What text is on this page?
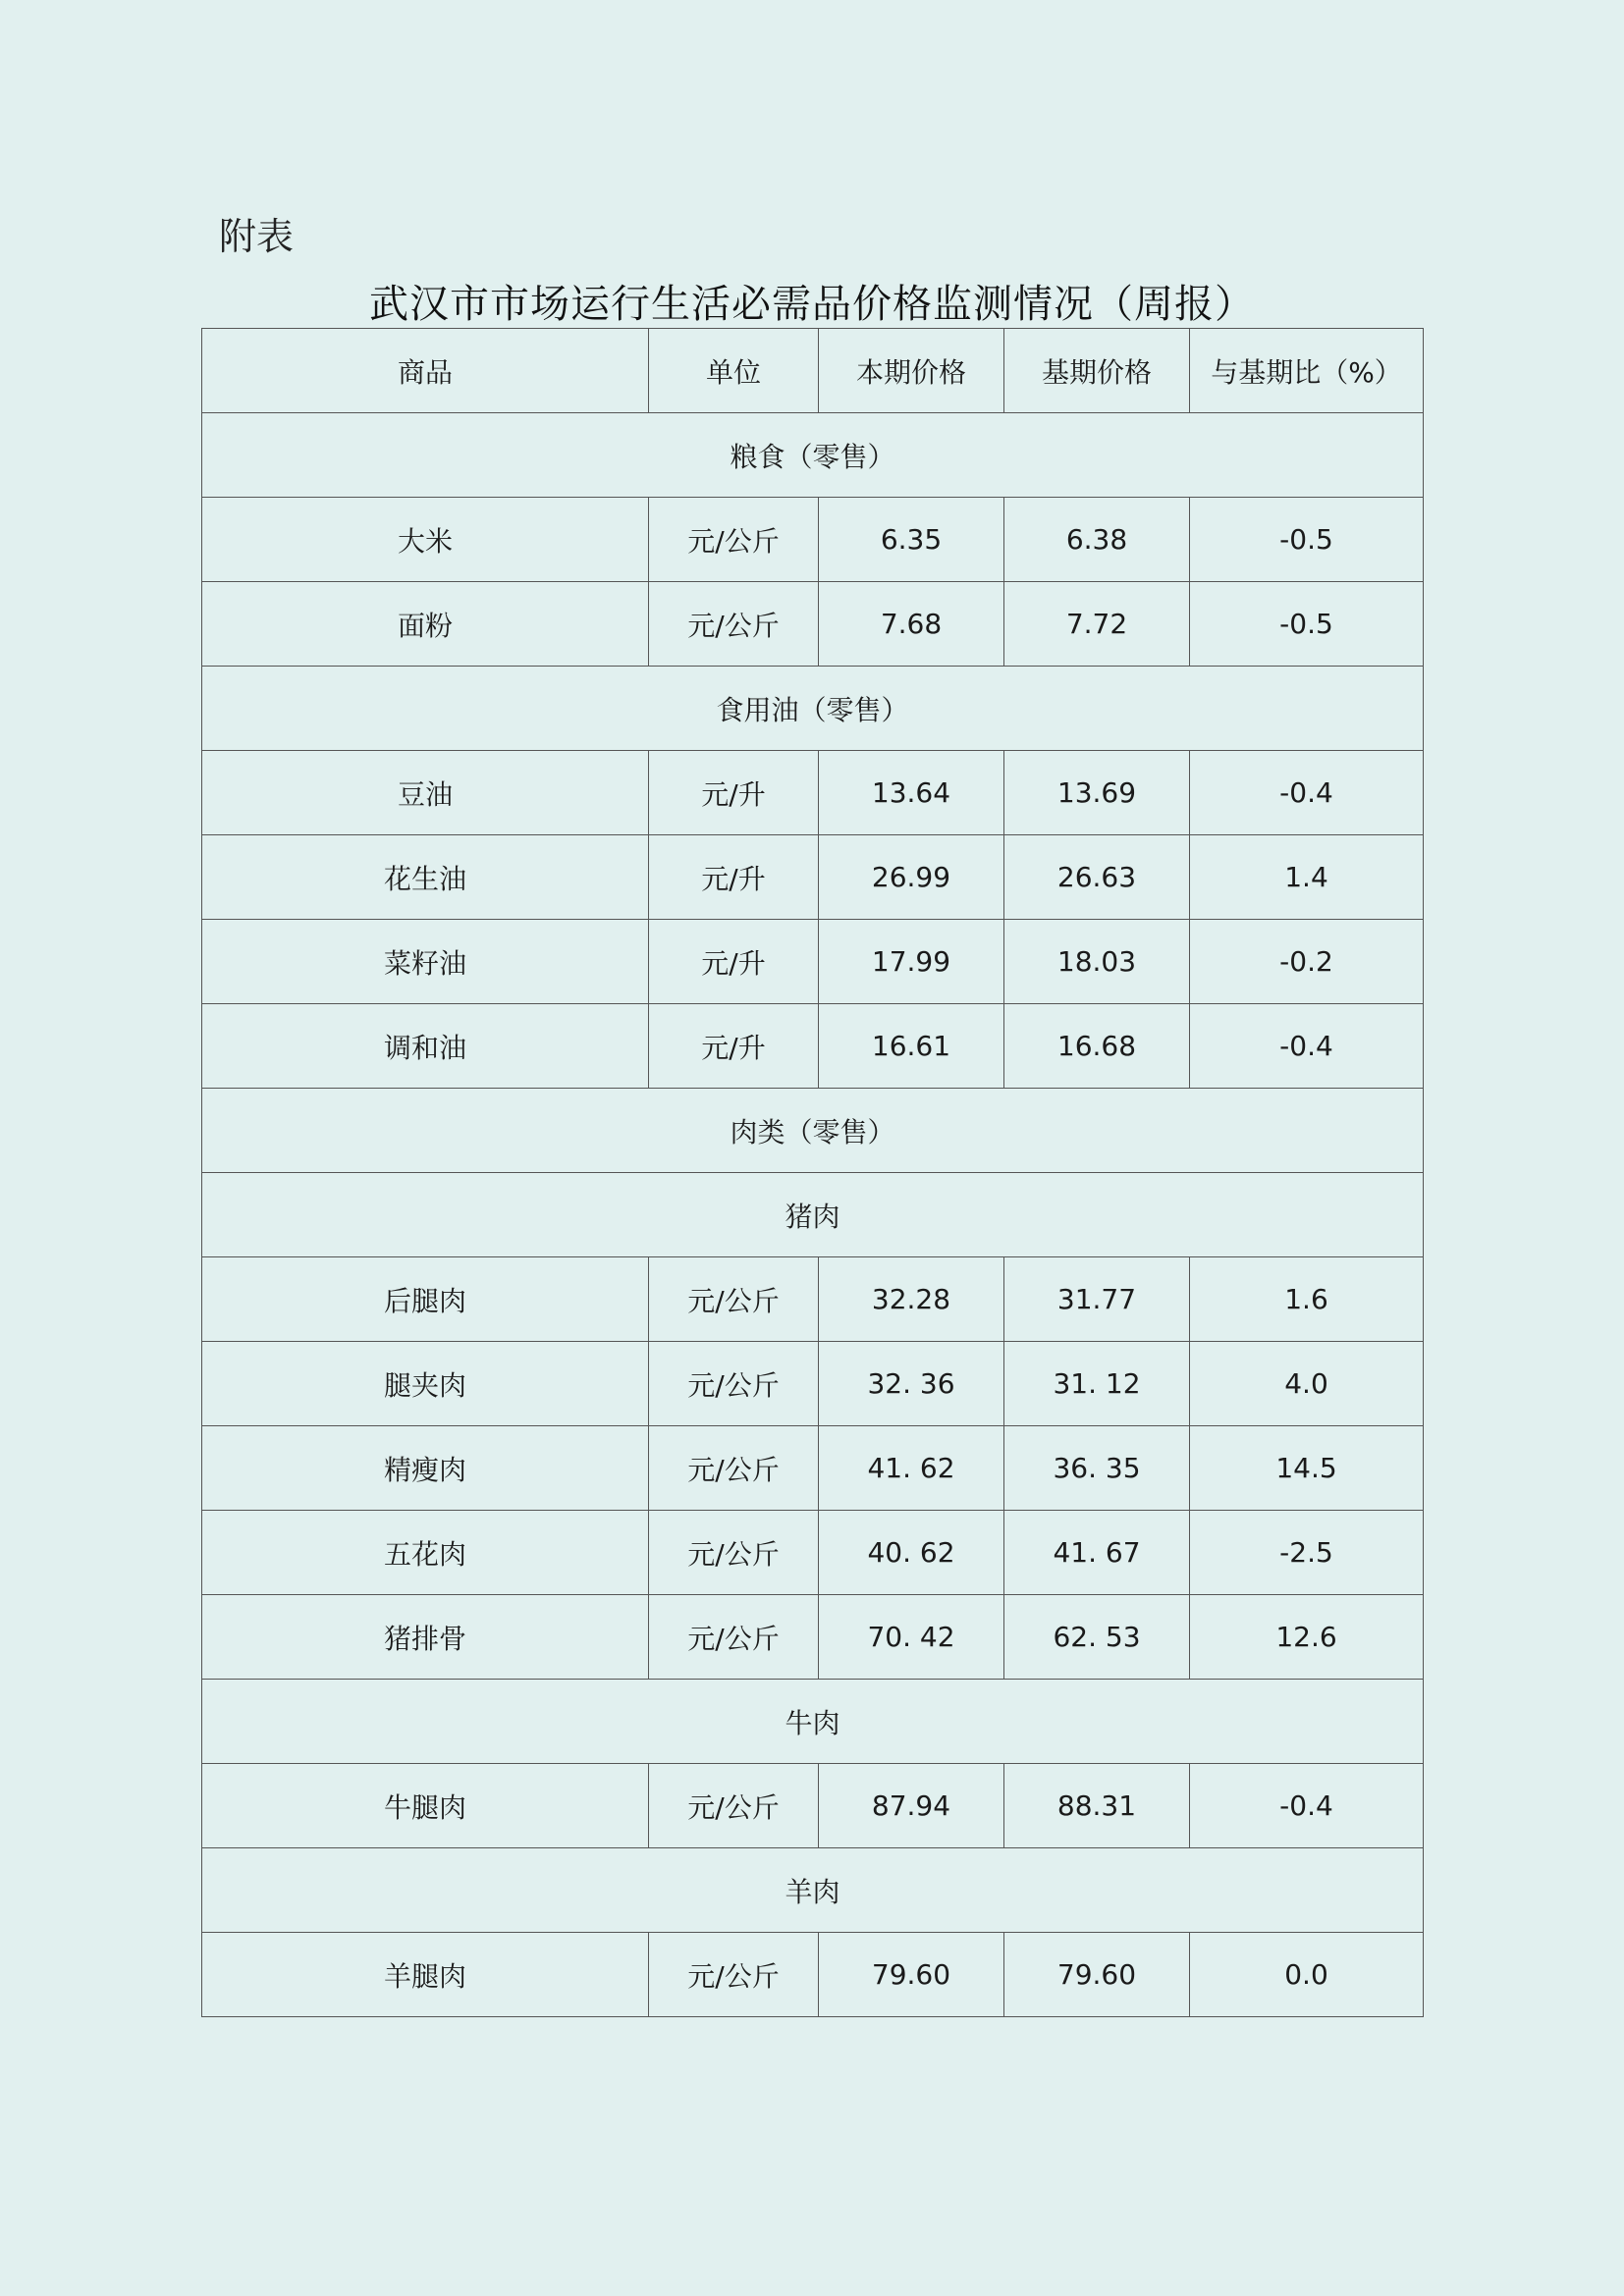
附表
武汉市市场运行生活必需品价格监测情况（周报）
商品	单位	本期价格	基期价格	与基期比（%）
粮食（零售）				
大米	元/公斤	6.35	6.38	-0.5
面粉	元/公斤	7.68	7.72	-0.5
食用油（零售）				
豆油	元/升	13.64	13.69	-0.4
花生油	元/升	26.99	26.63	1.4
菜籽油	元/升	17.99	18.03	-0.2
调和油	元/升	16.61	16.68	-0.4
肉类（零售）				
猪肉				
后腿肉	元/公斤	32.28	31.77	1.6
腿夹肉	元/公斤	32. 36	31. 12	4.0
精瘦肉	元/公斤	41. 62	36. 35	14.5
五花肉	元/公斤	40. 62	41. 67	-2.5
猪排骨	元/公斤	70. 42	62. 53	12.6
牛肉				
牛腿肉	元/公斤	87.94	88.31	-0.4
羊肉				
羊腿肉	元/公斤	79.60	79.60	0.0
